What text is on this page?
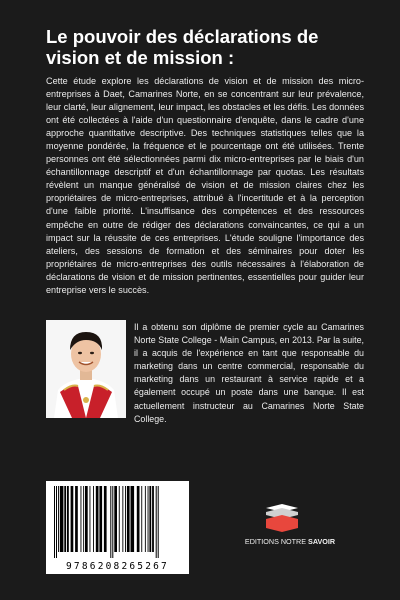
Le pouvoir des déclarations de vision et de mission :

Cette étude explore les déclarations de vision et de mission des micro-entreprises à Daet, Camarines Norte, en se concentrant sur leur prévalence, leur clarté, leur alignement, leur impact, les obstacles et les défis. Les données ont été collectées à l'aide d'un questionnaire d'enquête, dans le cadre d'une approche quantitative descriptive. Des techniques statistiques telles que la moyenne pondérée, la fréquence et le pourcentage ont été utilisées. Trente personnes ont été sélectionnées parmi dix micro-entreprises par le biais d'un échantillonnage descriptif et d'un échantillonnage par quotas. Les résultats révèlent un manque généralisé de vision et de mission claires chez les propriétaires de micro-entreprises, attribué à l'incertitude et à la perception d'une faible priorité. L'insuffisance des compétences et des ressources empêche en outre de rédiger des déclarations convaincantes, ce qui a un impact sur la réussite de ces entreprises. L'étude souligne l'importance des ateliers, des sessions de formation et des séminaires pour doter les propriétaires de micro-entreprises des outils nécessaires à l'élaboration de déclarations de vision et de mission pertinentes, essentielles pour guider leur entreprise vers le succès.

Il a obtenu son diplôme de premier cycle au Camarines Norte State College - Main Campus, en 2013. Par la suite, il a acquis de l'expérience en tant que responsable du marketing dans un centre commercial, responsable du marketing dans un restaurant à service rapide et a également occupé un poste dans une banque. Il est actuellement instructeur au Camarines Norte State College.

9786208265267
EDITIONS NOTRE SAVOIR
